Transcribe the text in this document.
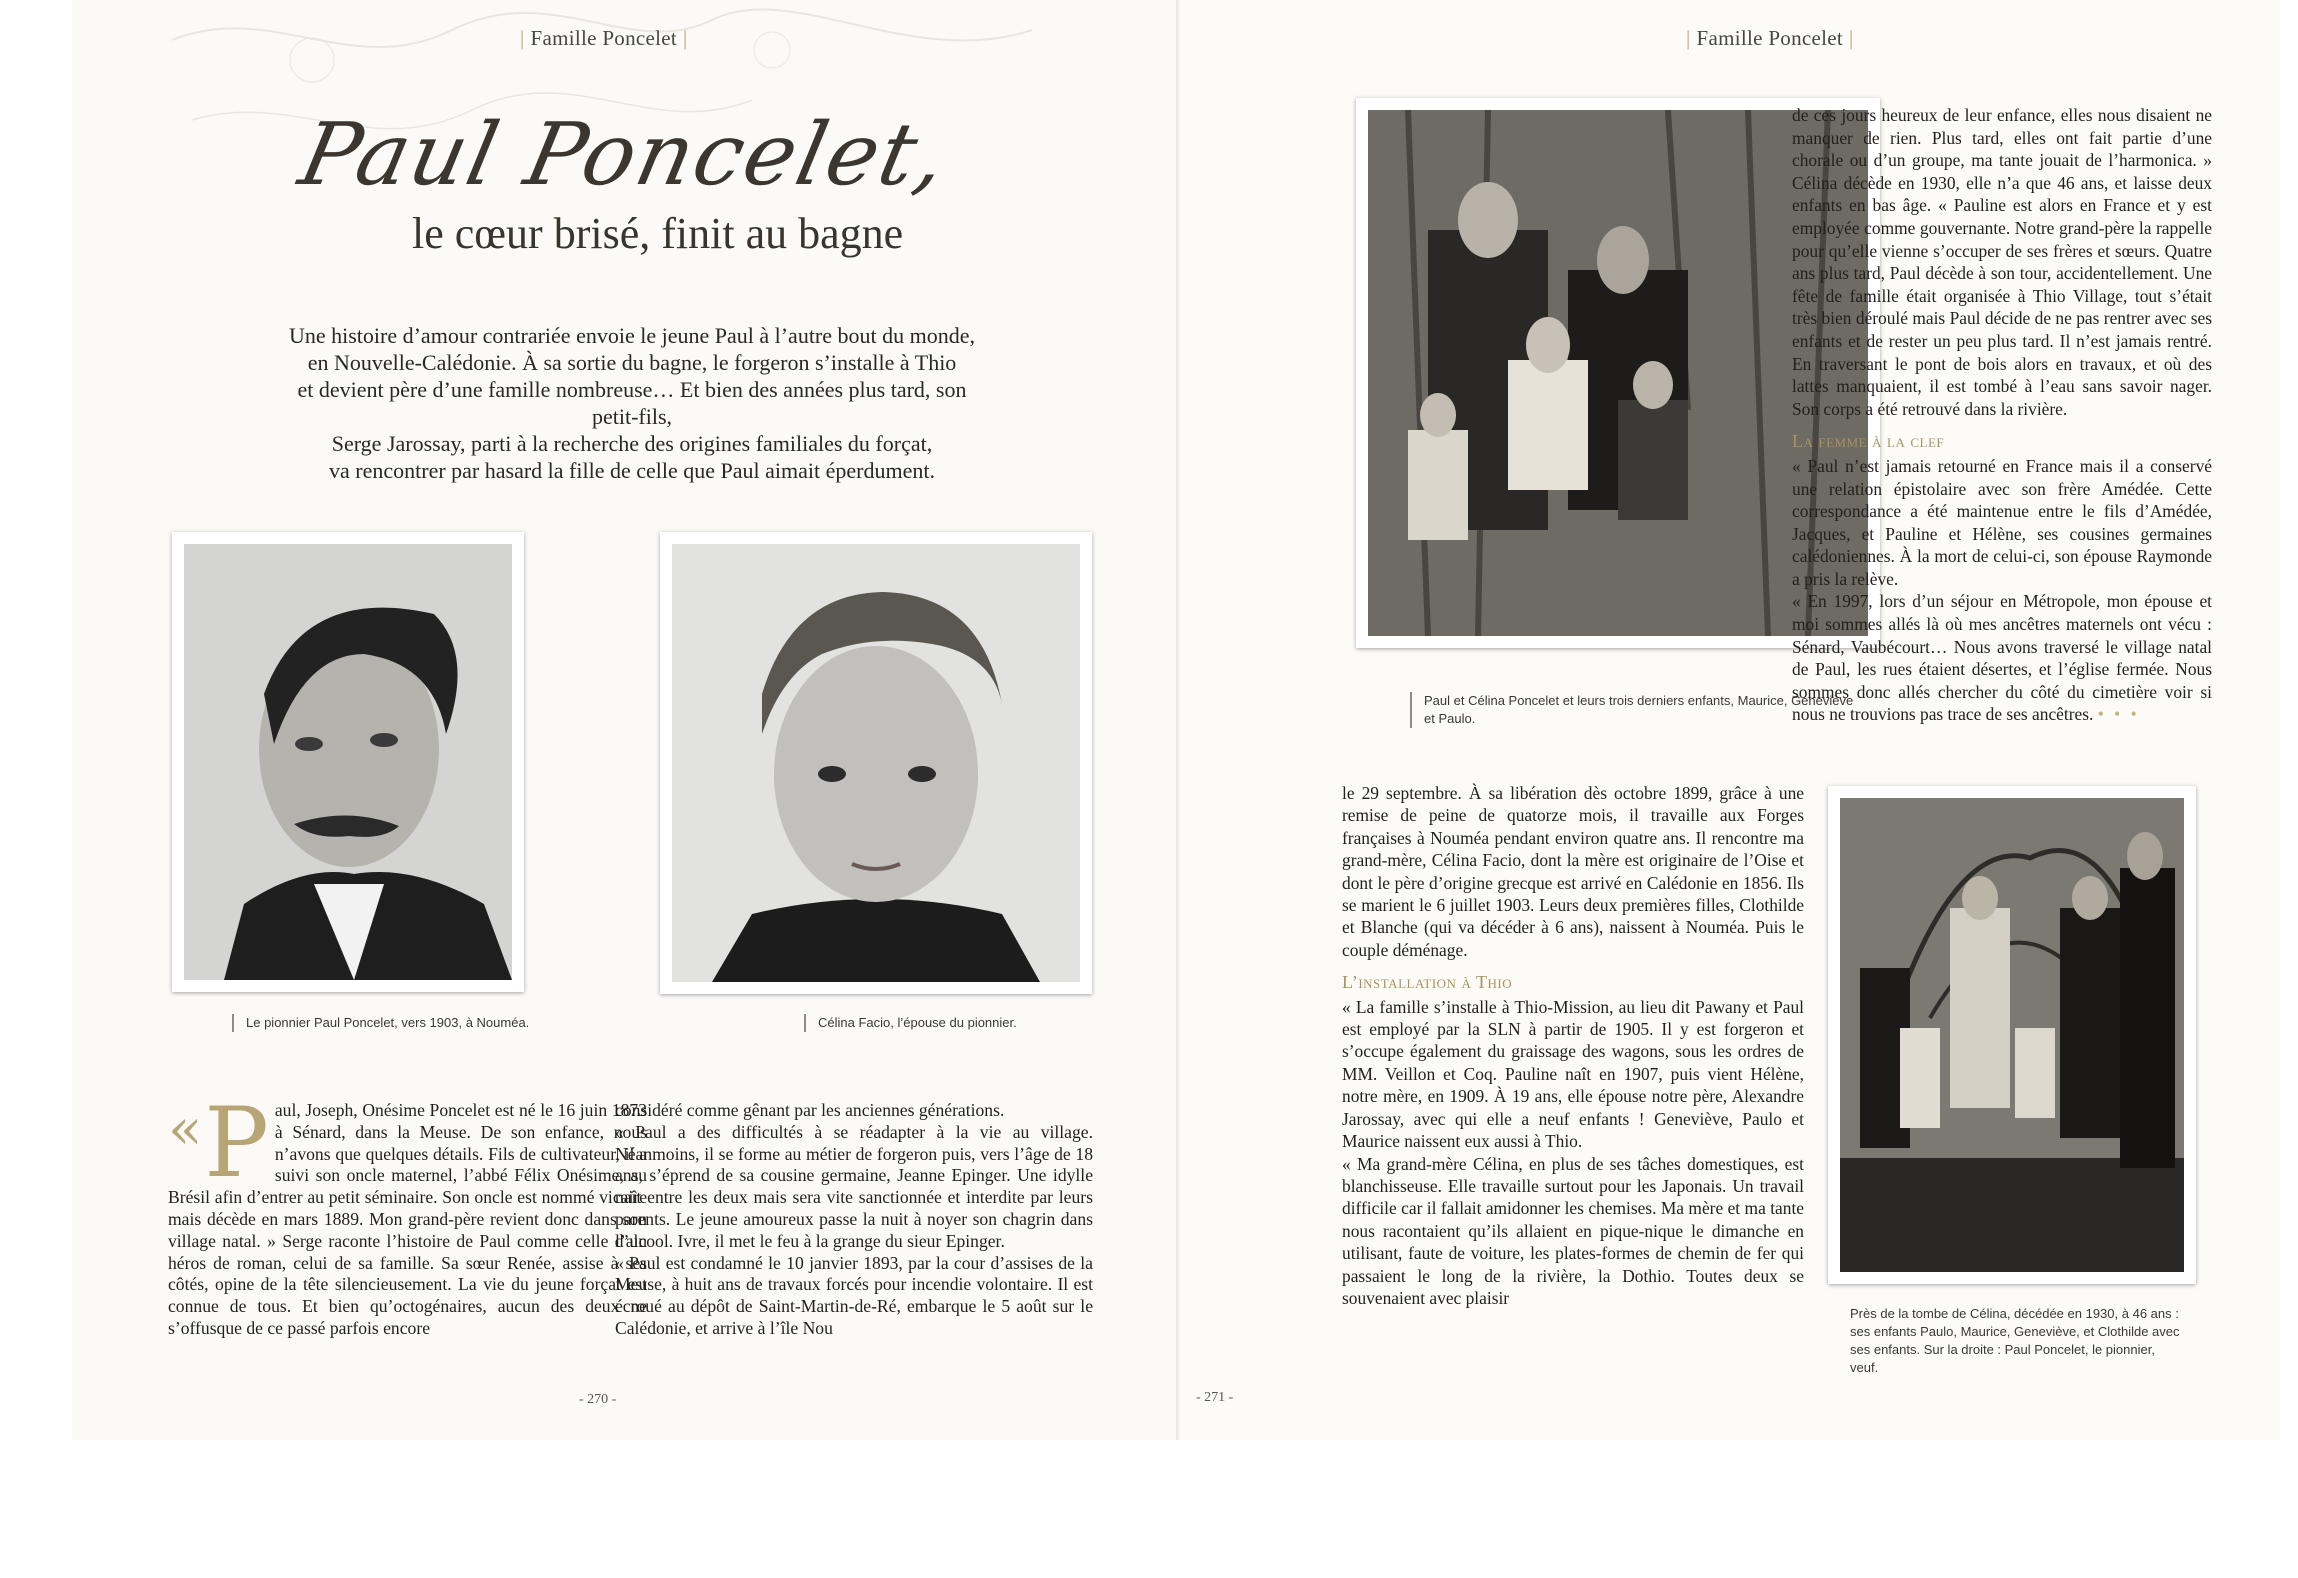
| Famille Poncelet |
Paul Poncelet,
le cœur brisé, finit au bagne
Une histoire d’amour contrariée envoie le jeune Paul à l’autre bout du monde,
en Nouvelle-Calédonie. À sa sortie du bagne, le forgeron s’installe à Thio
et devient père d’une famille nombreuse… Et bien des années plus tard, son petit-fils,
Serge Jarossay, parti à la recherche des origines familiales du forçat,
va rencontrer par hasard la fille de celle que Paul aimait éperdument.
Le pionnier Paul Poncelet, vers 1903, à Nouméa.	Célina Facio, l’épouse du pionnier.
« P aul, Joseph, Onésime Poncelet est né le 16 juin 1873 à Sénard, dans la Meuse. De son enfance, nous n’avons que quelques détails. Fils de cultivateur, il a suivi son oncle maternel, l’abbé Félix Onésime, au Brésil afin d’entrer au petit séminaire. Son oncle est nommé vicaire mais décède en mars 1889. Mon grand-père revient donc dans son village natal. » Serge raconte l’histoire de Paul comme celle d’un héros de roman, celui de sa famille. Sa sœur Renée, assise à ses côtés, opine de la tête silencieusement. La vie du jeune forçat est connue de tous. Et bien qu’octogénaires, aucun des deux ne s’offusque de ce passé parfois encore

considéré comme gênant par les anciennes générations.

« Paul a des difficultés à se réadapter à la vie au village. Néanmoins, il se forme au métier de forgeron puis, vers l’âge de 18 ans, s’éprend de sa cousine germaine, Jeanne Epinger. Une idylle naît entre les deux mais sera vite sanctionnée et interdite par leurs parents. Le jeune amoureux passe la nuit à noyer son chagrin dans l’alcool. Ivre, il met le feu à la grange du sieur Epinger.

« Paul est condamné le 10 janvier 1893, par la cour d’assises de la Meuse, à huit ans de travaux forcés pour incendie volontaire. Il est écroué au dépôt de Saint-Martin-de-Ré, embarque le 5 août sur le Calédonie, et arrive à l’île Nou

- 270 -
| Famille Poncelet |
Paul et Célina Poncelet et leurs trois derniers enfants, Maurice, Geneviève et Paulo.

de ces jours heureux de leur enfance, elles nous disaient ne manquer de rien. Plus tard, elles ont fait partie d’une chorale ou d’un groupe, ma tante jouait de l’harmonica. » Célina décède en 1930, elle n’a que 46 ans, et laisse deux enfants en bas âge. « Pauline est alors en France et y est employée comme gouvernante. Notre grand-père la rappelle pour qu’elle vienne s’occuper de ses frères et sœurs. Quatre ans plus tard, Paul décède à son tour, accidentellement. Une fête de famille était organisée à Thio Village, tout s’était très bien déroulé mais Paul décide de ne pas rentrer avec ses enfants et de rester un peu plus tard. Il n’est jamais rentré. En traversant le pont de bois alors en travaux, et où des lattes manquaient, il est tombé à l’eau sans savoir nager. Son corps a été retrouvé dans la rivière.

La femme à la clef

« Paul n’est jamais retourné en France mais il a conservé une relation épistolaire avec son frère Amédée. Cette correspondance a été maintenue entre le fils d’Amédée, Jacques, et Pauline et Hélène, ses cousines germaines calédoniennes. À la mort de celui-ci, son épouse Raymonde a pris la relève.

« En 1997, lors d’un séjour en Métropole, mon épouse et moi sommes allés là où mes ancêtres maternels ont vécu : Sénard, Vaubécourt… Nous avons traversé le village natal de Paul, les rues étaient désertes, et l’église fermée. Nous sommes donc allés chercher du côté du cimetière voir si nous ne trouvions pas trace de ses ancêtres. • • •

le 29 septembre. À sa libération dès octobre 1899, grâce à une remise de peine de quatorze mois, il travaille aux Forges françaises à Nouméa pendant environ quatre ans. Il rencontre ma grand-mère, Célina Facio, dont la mère est originaire de l’Oise et dont le père d’origine grecque est arrivé en Calédonie en 1856. Ils se marient le 6 juillet 1903. Leurs deux premières filles, Clothilde et Blanche (qui va décéder à 6 ans), naissent à Nouméa. Puis le couple déménage.

L’installation à Thio

« La famille s’installe à Thio-Mission, au lieu dit Pawany et Paul est employé par la SLN à partir de 1905. Il y est forgeron et s’occupe également du graissage des wagons, sous les ordres de MM. Veillon et Coq. Pauline naît en 1907, puis vient Hélène, notre mère, en 1909. À 19 ans, elle épouse notre père, Alexandre Jarossay, avec qui elle a neuf enfants ! Geneviève, Paulo et Maurice naissent eux aussi à Thio.

« Ma grand-mère Célina, en plus de ses tâches domestiques, est blanchisseuse. Elle travaille surtout pour les Japonais. Un travail difficile car il fallait amidonner les chemises. Ma mère et ma tante nous racontaient qu’ils allaient en pique-nique le dimanche en utilisant, faute de voiture, les plates-formes de chemin de fer qui passaient le long de la rivière, la Dothio. Toutes deux se souvenaient avec plaisir

Près de la tombe de Célina, décédée en 1930, à 46 ans : ses enfants Paulo, Maurice, Geneviève, et Clothilde avec ses enfants. Sur la droite : Paul Poncelet, le pionnier, veuf.
- 271 -
